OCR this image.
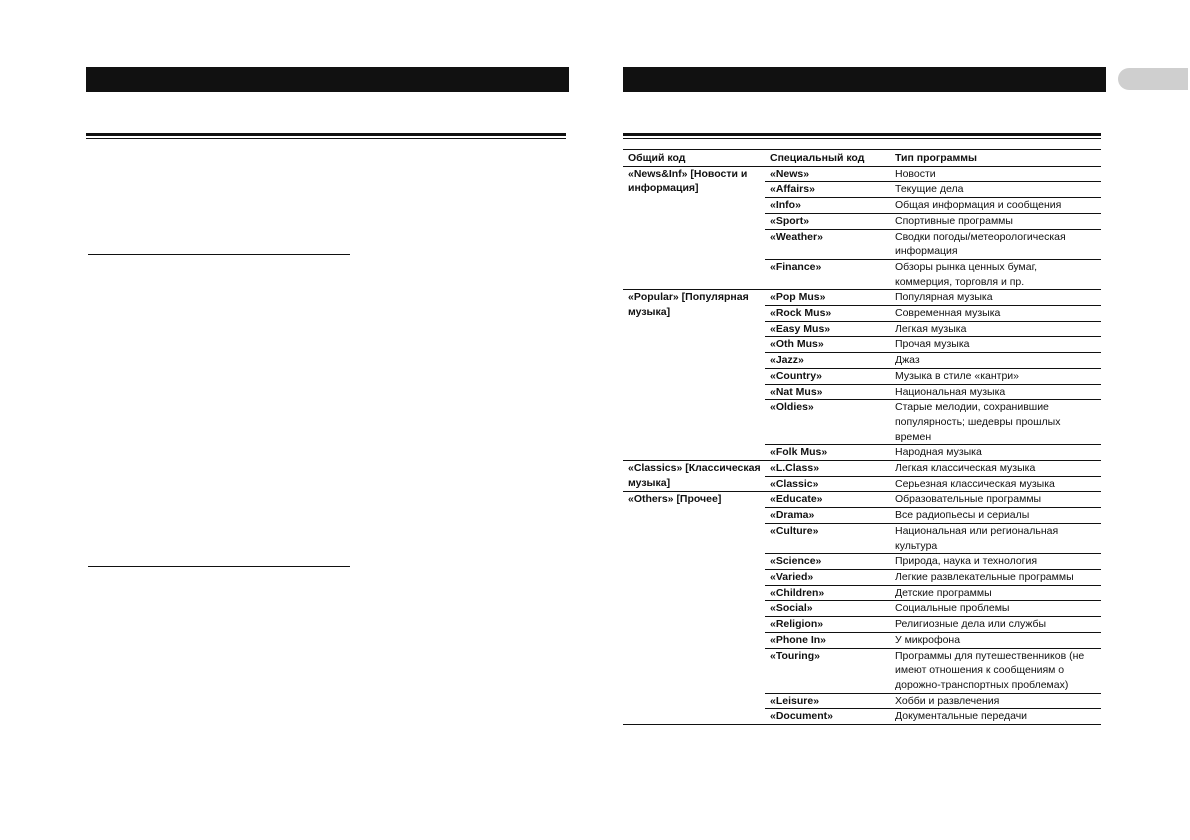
Общий код	Специальный код	Тип программы
«News&Inf» [Новости и информация]	«News»	Новости
	«Affairs»	Текущие дела
	«Info»	Общая информация и сообщения
	«Sport»	Спортивные программы
	«Weather»	Сводки погоды/метеорологическая информация
	«Finance»	Обзоры рынка ценных бумаг, коммерция, торговля и пр.
«Popular» [Популярная музыка]	«Pop Mus»	Популярная музыка
	«Rock Mus»	Современная музыка
	«Easy Mus»	Легкая музыка
	«Oth Mus»	Прочая музыка
	«Jazz»	Джаз
	«Country»	Музыка в стиле «кантри»
	«Nat Mus»	Национальная музыка
	«Oldies»	Старые мелодии, сохранившие популярность; шедевры прошлых времен
	«Folk Mus»	Народная музыка
«Classics» [Классическая музыка]	«L.Class»	Легкая классическая музыка
	«Classic»	Серьезная классическая музыка
«Others» [Прочее]	«Educate»	Образовательные программы
	«Drama»	Все радиопьесы и сериалы
	«Culture»	Национальная или региональная культура
	«Science»	Природа, наука и технология
	«Varied»	Легкие развлекательные программы
	«Children»	Детские программы
	«Social»	Социальные проблемы
	«Religion»	Религиозные дела или службы
	«Phone In»	У микрофона
	«Touring»	Программы для путешественников (не имеют отношения к сообщениям о дорожно-транспортных проблемах)
	«Leisure»	Хобби и развлечения
	«Document»	Документальные передачи
